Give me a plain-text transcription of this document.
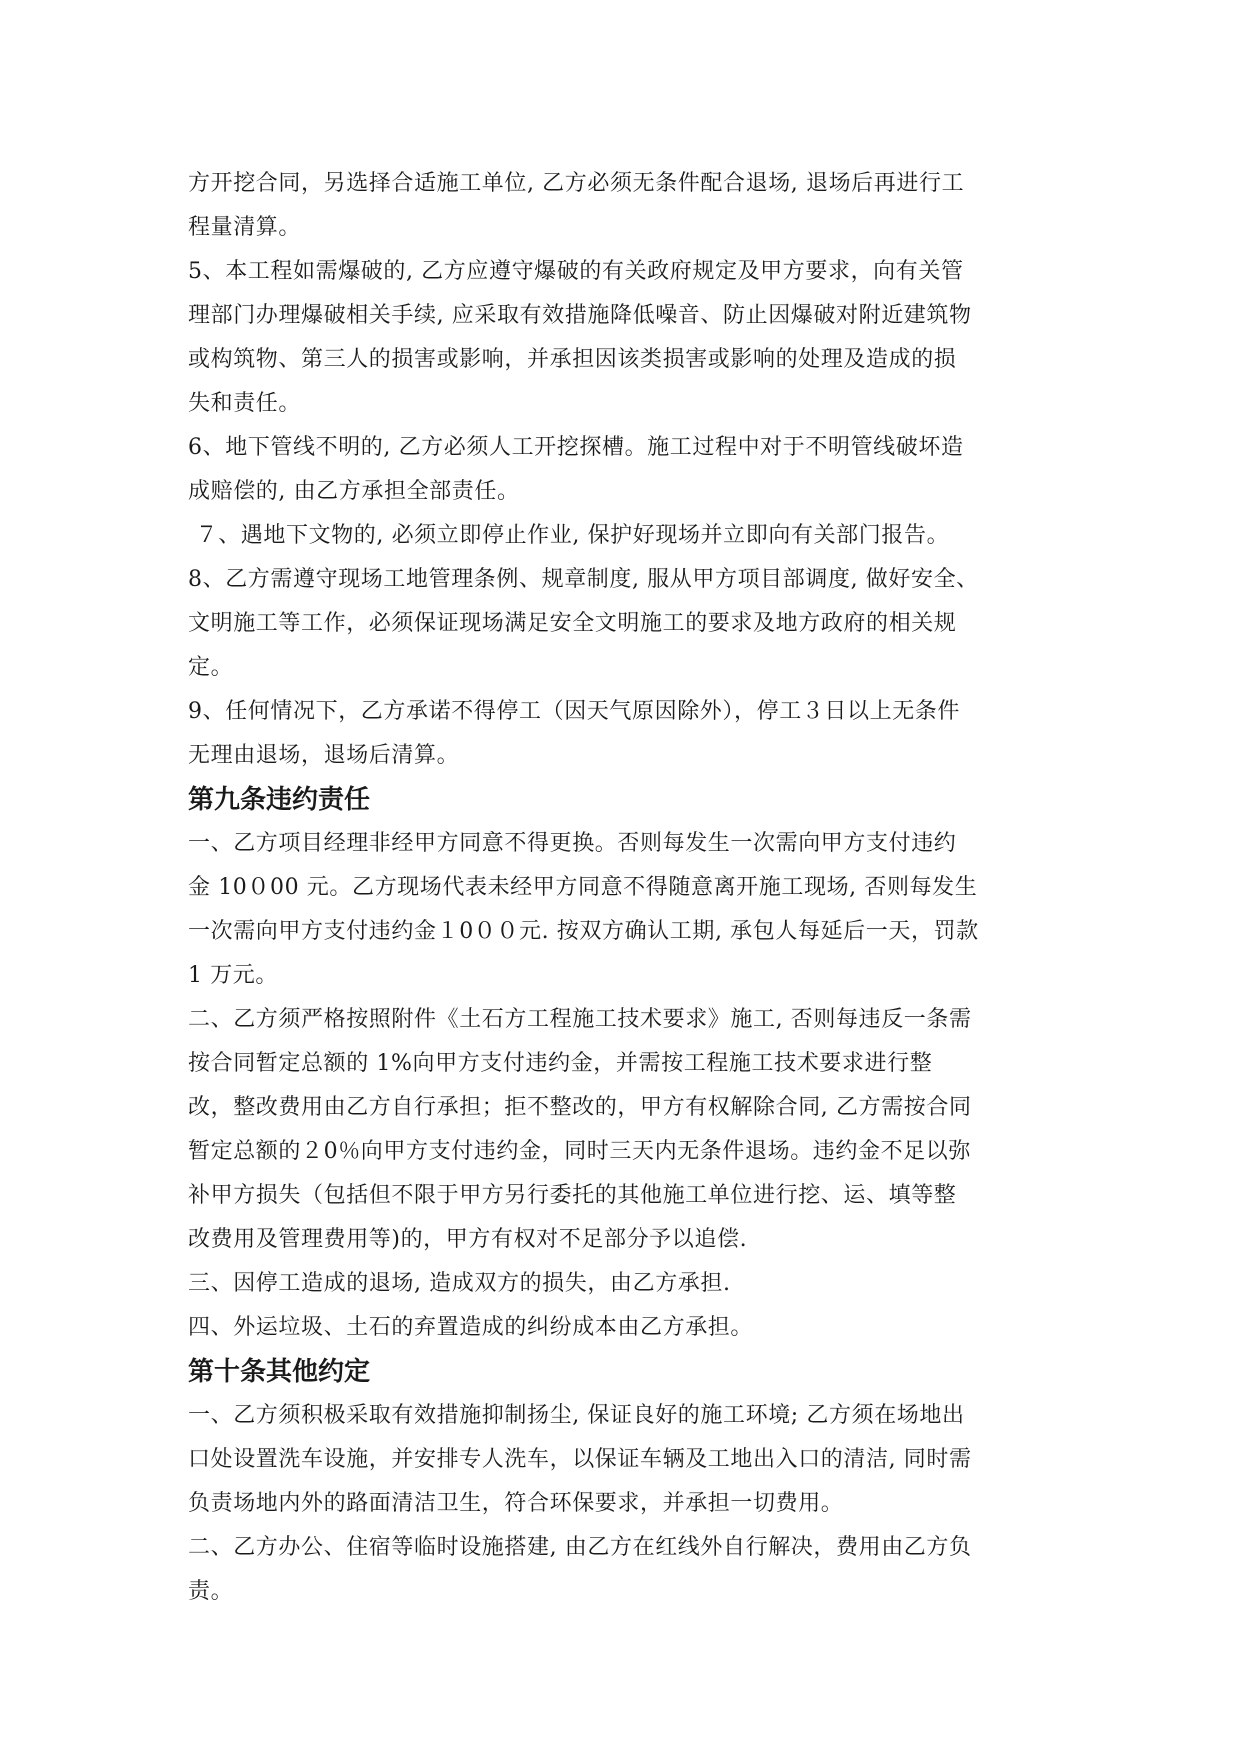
方开挖合同，另选择合适施工单位, 乙方必须无条件配合退场, 退场后再进行工
程量清算。
5、本工程如需爆破的, 乙方应遵守爆破的有关政府规定及甲方要求，向有关管
理部门办理爆破相关手续, 应采取有效措施降低噪音、防止因爆破对附近建筑物
或构筑物、第三人的损害或影响，并承担因该类损害或影响的处理及造成的损
失和责任。
6、地下管线不明的, 乙方必须人工开挖探槽。施工过程中对于不明管线破坏造
成赔偿的, 由乙方承担全部责任。
７、遇地下文物的, 必须立即停止作业, 保护好现场并立即向有关部门报告。
8、乙方需遵守现场工地管理条例、规章制度, 服从甲方项目部调度, 做好安全、
文明施工等工作，必须保证现场满足安全文明施工的要求及地方政府的相关规
定。
9、任何情况下，乙方承诺不得停工（因天气原因除外），停工３日以上无条件
无理由退场，退场后清算。
第九条违约责任
一、乙方项目经理非经甲方同意不得更换。否则每发生一次需向甲方支付违约
金 10０00 元。乙方现场代表未经甲方同意不得随意离开施工现场, 否则每发生
一次需向甲方支付违约金１0００元. 按双方确认工期, 承包人每延后一天，罚款
1 万元。
二、乙方须严格按照附件《土石方工程施工技术要求》施工, 否则每违反一条需
按合同暂定总额的 1%向甲方支付违约金，并需按工程施工技术要求进行整
改，整改费用由乙方自行承担；拒不整改的，甲方有权解除合同, 乙方需按合同
暂定总额的２0％向甲方支付违约金，同时三天内无条件退场。违约金不足以弥
补甲方损失（包括但不限于甲方另行委托的其他施工单位进行挖、运、填等整
改费用及管理费用等)的，甲方有权对不足部分予以追偿.
三、因停工造成的退场, 造成双方的损失，由乙方承担.
四、外运垃圾、土石的弃置造成的纠纷成本由乙方承担。
第十条其他约定
一、乙方须积极采取有效措施抑制扬尘, 保证良好的施工环境; 乙方须在场地出
口处设置洗车设施，并安排专人洗车，以保证车辆及工地出入口的清洁, 同时需
负责场地内外的路面清洁卫生，符合环保要求，并承担一切费用。
二、乙方办公、住宿等临时设施搭建, 由乙方在红线外自行解决，费用由乙方负
责。
